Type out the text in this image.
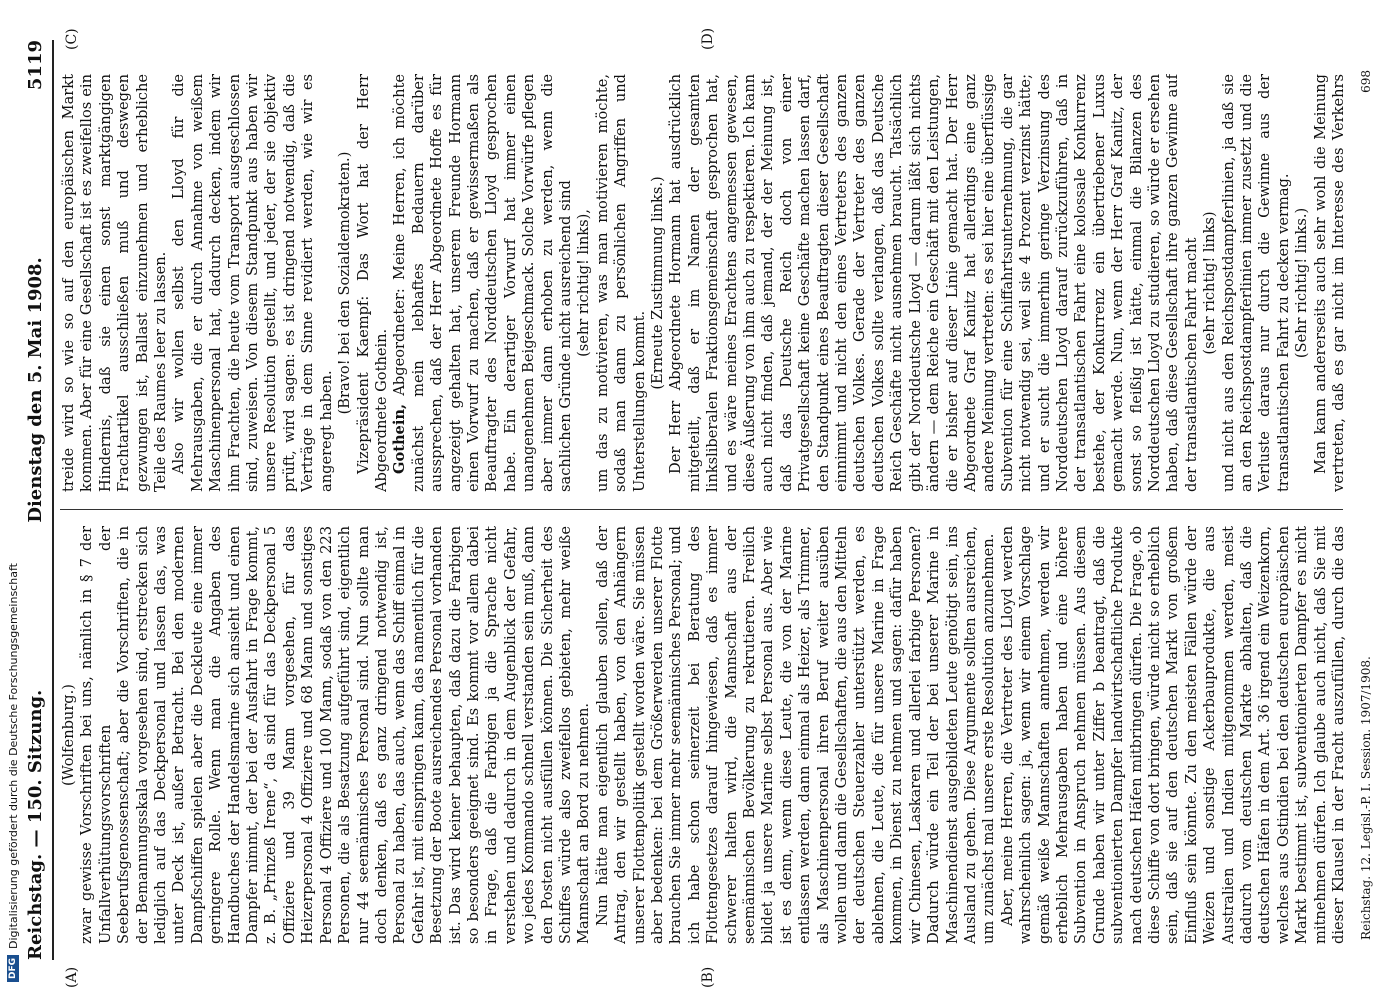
Reichstag. — 150. Sitzung.
Dienstag den 5. Mai 1908.
5119
(A)	(B)
(C)	(D)

(Wolfenburg.) zwar gewisse Vorschriften bei uns, nämlich in § 7 der Unfallverhütungsvorschriften der Seeberufsgenossenschaft; aber die Vorschriften, die in der Bemannungsskala vorgesehen sind, erstrecken sich lediglich auf das Deckpersonal und lassen das, was unter Deck ist, außer Betracht. Bei den modernen Dampfschiffen spielen aber die Deckleute eine immer geringere Rolle. Wenn man die Angaben des Handbuches der Handelsmarine sich ansieht und einen Dampfer nimmt, der bei der Ausfahrt in Frage kommt, z. B. „Prinzeß Irene“, da sind für das Deckpersonal 5 Offiziere und 39 Mann vorgesehen, für das Heizerpersonal 4 Offiziere und 68 Mann und sonstiges Personal 4 Offiziere und 100 Mann, sodaß von den 223 Personen, die als Besatzung aufgeführt sind, eigentlich nur 44 seemännisches Personal sind. Nun sollte man doch denken, daß es ganz dringend notwendig ist, Personal zu haben, das auch, wenn das Schiff einmal in Gefahr ist, mit einspringen kann, das namentlich für die Besetzung der Boote ausreichendes Personal vorhanden ist. Das wird keiner behaupten, daß dazu die Farbigen so besonders geeignet sind. Es kommt vor allem dabei in Frage, daß die Farbigen ja die Sprache nicht verstehen und dadurch in dem Augenblick der Gefahr, wo jedes Kommando schnell verstanden sein muß, dann den Posten nicht ausfüllen können. Die Sicherheit des Schiffes würde also zweifellos gebieten, mehr weiße Mannschaft an Bord zu nehmen. Nun hätte man eigentlich glauben sollen, daß der Antrag, den wir gestellt haben, von den Anhängern unserer Flottenpolitik gestellt worden wäre. Sie müssen aber bedenken: bei dem Größerwerden unserer Flotte brauchen Sie immer mehr seemännisches Personal; und ich habe schon seinerzeit bei Beratung des Flottengesetzes darauf hingewiesen, daß es immer schwerer halten wird, die Mannschaft aus der seemännischen Bevölkerung zu rekrutieren. Freilich bildet ja unsere Marine selbst Personal aus. Aber wie ist es denn, wenn diese Leute, die von der Marine entlassen werden, dann einmal als Heizer, als Trimmer, als Maschinenpersonal ihren Beruf weiter ausüben wollen und dann die Gesellschaften, die aus den Mitteln der deutschen Steuerzahler unterstützt werden, es ablehnen, die Leute, die für unsere Marine in Frage kommen, in Dienst zu nehmen und sagen: dafür haben wir Chinesen, Laskaren und allerlei farbige Personen? Dadurch würde ein Teil der bei unserer Marine in Maschinendienst ausgebildeten Leute genötigt sein, ins Ausland zu gehen. Diese Argumente sollten ausreichen, um zunächst mal unsere erste Resolution anzunehmen. Aber, meine Herren, die Vertreter des Lloyd werden wahrscheinlich sagen: ja, wenn wir einem Vorschlage gemäß weiße Mannschaften annehmen, werden wir erheblich Mehrausgaben haben und eine höhere Subvention in Anspruch nehmen müssen. Aus diesem Grunde haben wir unter Ziffer b beantragt, daß die subventionierten Dampfer landwirtschaftliche Produkte nach deutschen Häfen mitbringen dürfen. Die Frage, ob diese Schiffe von dort bringen, würde nicht so erheblich sein, daß sie auf den deutschen Markt von großem Einfluß sein könnte. Zu den meisten Fällen würde der Weizen und sonstige Ackerbauprodukte, die aus Australien und Indien mitgenommen werden, meist dadurch vom deutschen Markte abhalten, daß die deutschen Häfen in dem Art. 36 irgend ein Weizenkorn, welches aus Ostindien bei den deutschen europäischen Markt bestimmt ist, subventionierten Dampfer es nicht mitnehmen dürfen. Ich glaube auch nicht, daß Sie mit dieser Klausel in der Fracht auszufüllen, durch die das

treide wird so wie so auf den europäischen Markt kommen. Aber für eine Gesellschaft ist es zweifellos ein Hindernis, daß sie einen sonst marktgängigen Frachtartikel ausschließen muß und deswegen gezwungen ist, Ballast einzunehmen und erhebliche Teile des Raumes leer zu lassen. Also wir wollen selbst den Lloyd für die Mehrausgaben, die er durch Annahme von weißem Maschinenpersonal hat, dadurch decken, indem wir ihm Frachten, die heute vom Transport ausgeschlossen sind, zuweisen. Von diesem Standpunkt aus haben wir unsere Resolution gestellt, und jeder, der sie objektiv prüft, wird sagen: es ist dringend notwendig, daß die Verträge in dem Sinne revidiert werden, wie wir es angeregt haben.

(Bravo! bei den Sozialdemokraten.) Vizepräsident Kaempf: Das Wort hat der Herr Abgeordnete Gothein. Gothein, Abgeordneter: Meine Herren, ich möchte zunächst mein lebhaftes Bedauern darüber aussprechen, daß der Herr Abgeordnete Hoffe es für angezeigt gehalten hat, unserem Freunde Hormann einen Vorwurf zu machen, daß er gewissermaßen als Beauftragter des Norddeutschen Lloyd gesprochen habe. Ein derartiger Vorwurf hat immer einen unangenehmen Beigeschmack. Solche Vorwürfe pflegen aber immer dann erhoben zu werden, wenn die sachlichen Gründe nicht ausreichend sind (sehr richtig! links), um das zu motivieren, was man motivieren möchte, sodaß man dann zu persönlichen Angriffen und Unterstellungen kommt.

(Erneute Zustimmung links.) Der Herr Abgeordnete Hormann hat ausdrücklich mitgeteilt, daß er im Namen der gesamten linksliberalen Fraktionsgemeinschaft gesprochen hat, und es wäre meines Erachtens angemessen gewesen, diese Äußerung von ihm auch zu respektieren. Ich kann auch nicht finden, daß jemand, der der Meinung ist, daß das Deutsche Reich doch von einer Privatgesellschaft keine Geschäfte machen lassen darf, den Standpunkt eines Beauftragten dieser Gesellschaft einnimmt und nicht den eines Vertreters des ganzen deutschen Volkes. Gerade der Vertreter des ganzen deutschen Volkes sollte verlangen, daß das Deutsche Reich Geschäfte nicht ausnehmen braucht. Tatsächlich gibt der Norddeutsche Lloyd — darum läßt sich nichts ändern — dem Reiche ein Geschäft mit den Leistungen, die er bisher auf dieser Linie gemacht hat. Der Herr Abgeordnete Graf Kanitz hat allerdings eine ganz andere Meinung vertreten: es sei hier eine überflüssige Subvention für eine Schiffahrtsunternehmung, die gar nicht notwendig sei, weil sie 4 Prozent verzinst hätte; und er sucht die immerhin geringe Verzinsung des Norddeutschen Lloyd darauf zurückzuführen, daß in der transatlantischen Fahrt eine kolossale Konkurrenz bestehe, der Konkurrenz ein übertriebener Luxus gemacht werde. Nun, wenn der Herr Graf Kanitz, der sonst so fleißig ist hätte, einmal die Bilanzen des Norddeutschen Lloyd zu studieren, so würde er ersehen haben, daß diese Gesellschaft ihre ganzen Gewinne auf der transatlantischen Fahrt macht (sehr richtig! links) und nicht aus den Reichspostdampferlinien, ja daß sie an den Reichspostdampferlinien immer zusetzt und die Verluste daraus nur durch die Gewinne aus der transatlantischen Fahrt zu decken vermag. (Sehr richtig! links.)

Man kann andererseits auch sehr wohl die Meinung vertreten, daß es gar nicht im Interesse des Verkehrs

Reichstag. 12. Legisl.-P. I. Session. 1907/1908.
698
DFG
Digitalisierung gefördert durch die Deutsche Forschungsgemeinschaft
